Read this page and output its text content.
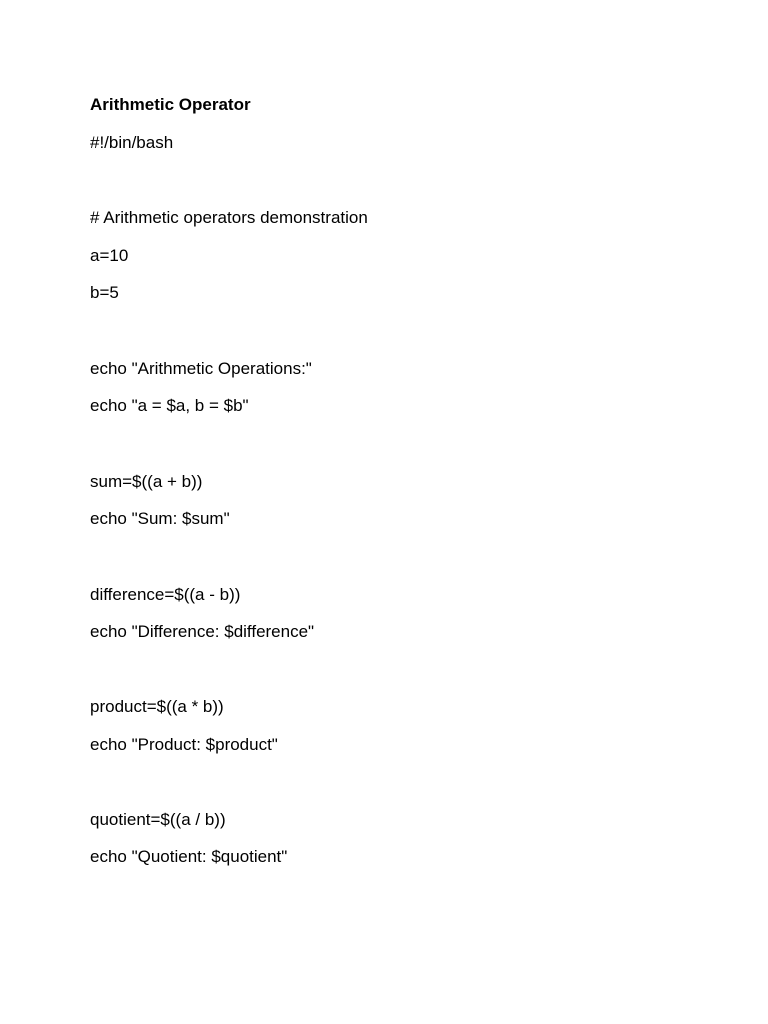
Arithmetic Operator
#!/bin/bash
# Arithmetic operators demonstration
a=10
b=5
echo "Arithmetic Operations:"
echo "a = $a, b = $b"
sum=$((a + b))
echo "Sum: $sum"
difference=$((a - b))
echo "Difference: $difference"
product=$((a * b))
echo "Product: $product"
quotient=$((a / b))
echo "Quotient: $quotient"
